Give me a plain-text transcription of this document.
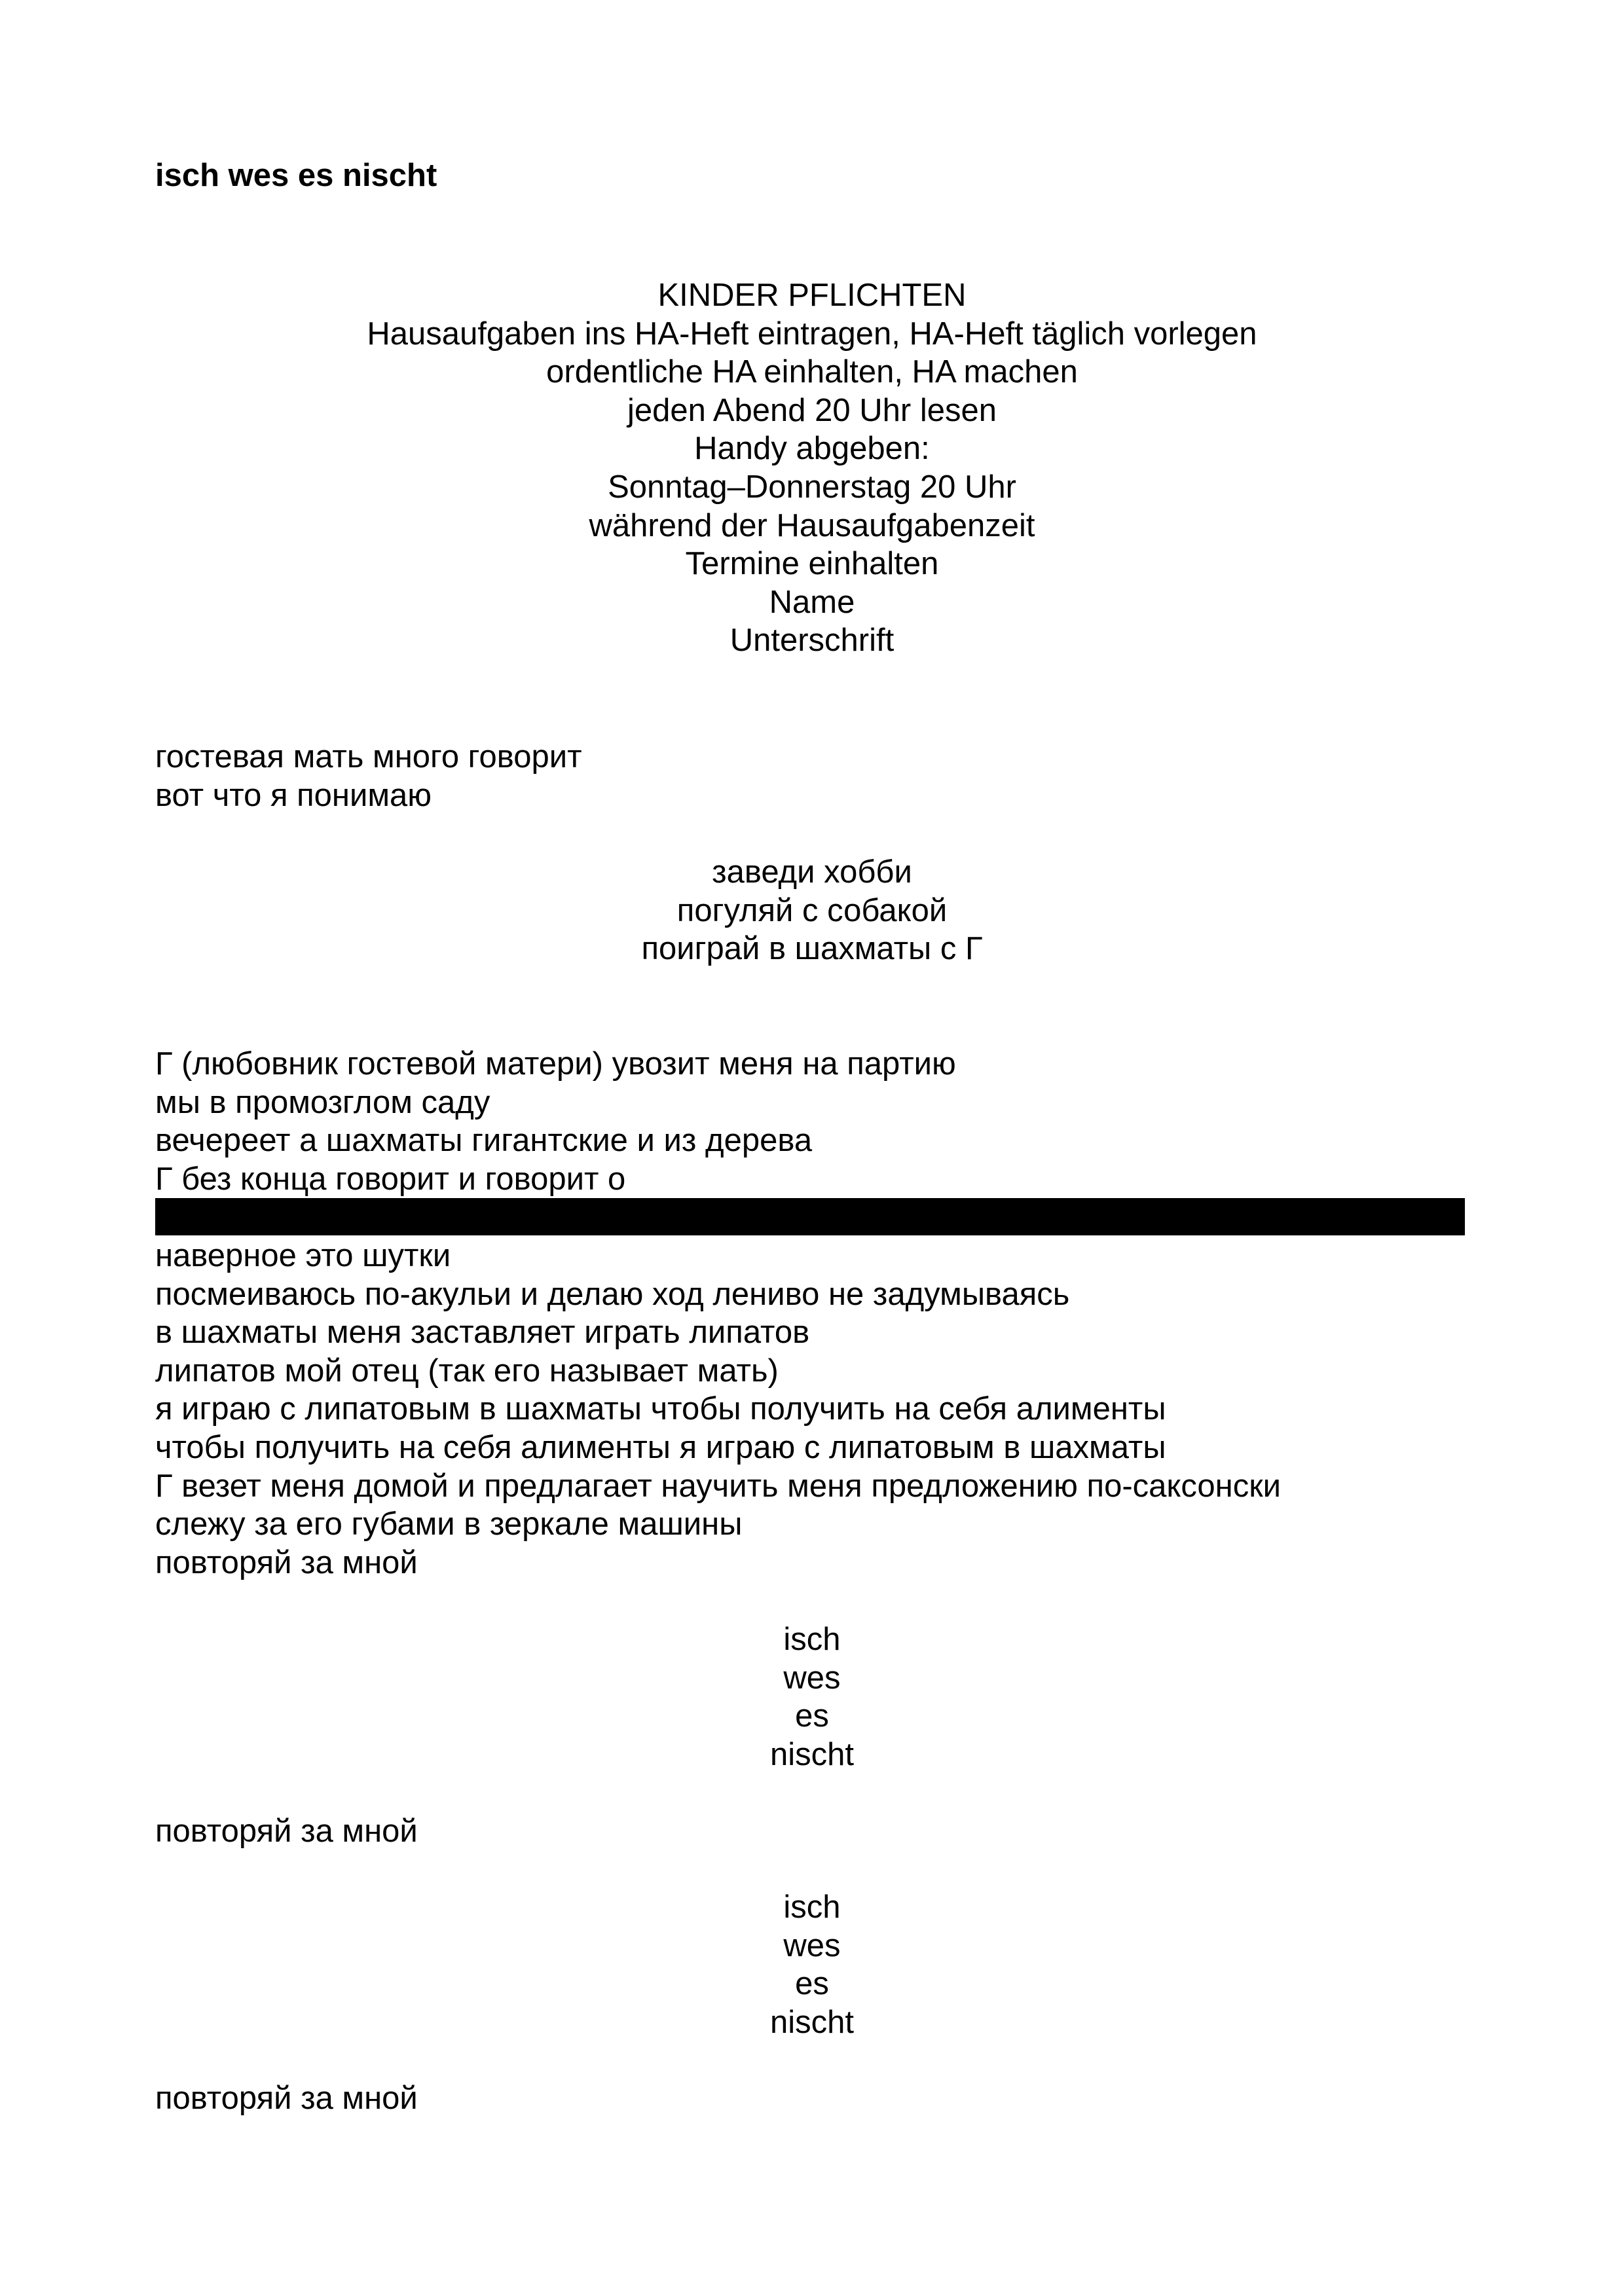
isch wes es nischt
KINDER PFLICHTEN
Hausaufgaben ins HA-Heft eintragen, HA-Heft täglich vorlegen
ordentliche HA einhalten, HA machen
jeden Abend 20 Uhr lesen
Handy abgeben:
Sonntag–Donnerstag 20 Uhr
während der Hausaufgabenzeit
Termine einhalten
Name
Unterschrift
гостевая мать много говорит
вот что я понимаю
заведи хобби
погуляй с собакой
поиграй в шахматы с Г
Г (любовник гостевой матери) увозит меня на партию
мы в промозглом саду
вечереет а шахматы гигантские и из дерева
Г без конца говорит и говорит о
наверное это шутки
посмеиваюсь по-акульи и делаю ход лениво не задумываясь
в шахматы меня заставляет играть липатов
липатов мой отец (так его называет мать)
я играю с липатовым в шахматы чтобы получить на себя алименты
чтобы получить на себя алименты я играю с липатовым в шахматы
Г везет меня домой и предлагает научить меня предложению по-саксонски
слежу за его губами в зеркале машины
повторяй за мной
isch
wes
es
nischt
повторяй за мной
isch
wes
es
nischt
повторяй за мной
